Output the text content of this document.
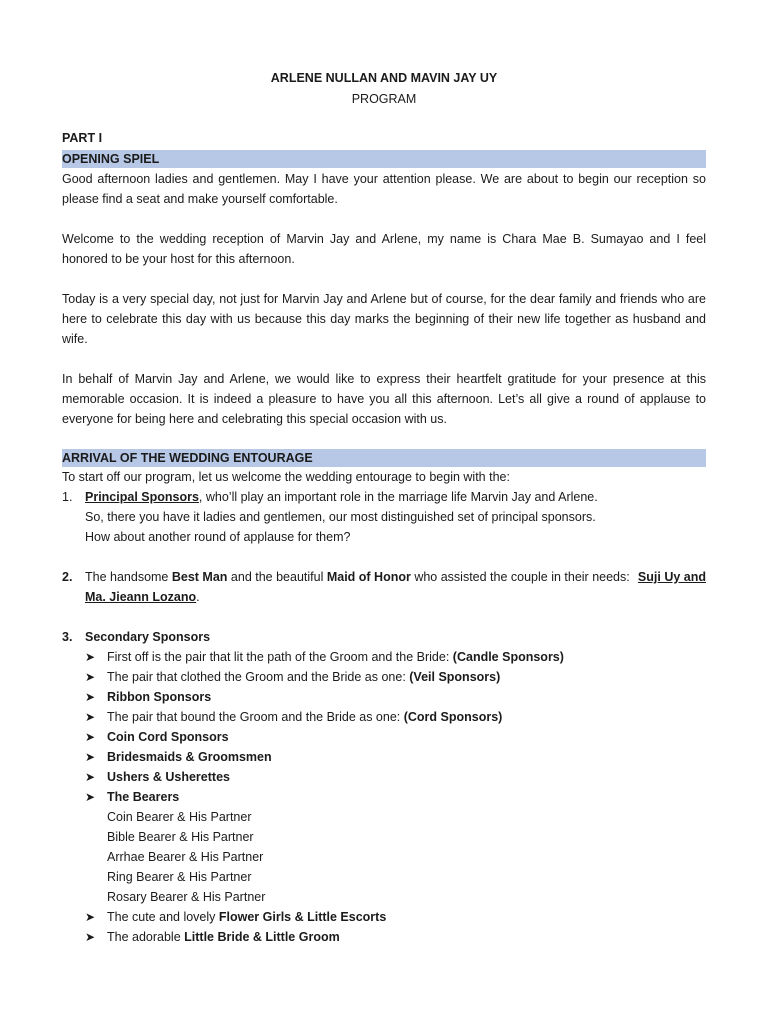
ARLENE NULLAN AND MAVIN JAY UY
PROGRAM
PART I
OPENING SPIEL
Good afternoon ladies and gentlemen. May I have your attention please. We are about to begin our reception so please find a seat and make yourself comfortable.
Welcome to the wedding reception of Marvin Jay and Arlene, my name is Chara Mae B. Sumayao and I feel honored to be your host for this afternoon.
Today is a very special day, not just for Marvin Jay and Arlene but of course, for the dear family and friends who are here to celebrate this day with us because this day marks the beginning of their new life together as husband and wife.
In behalf of Marvin Jay and Arlene, we would like to express their heartfelt gratitude for your presence at this memorable occasion. It is indeed a pleasure to have you all this afternoon. Let’s all give a round of applause to everyone for being here and celebrating this special occasion with us.
ARRIVAL OF THE WEDDING ENTOURAGE
To start off our program, let us welcome the wedding entourage to begin with the:
1. Principal Sponsors, who’ll play an important role in the marriage life Marvin Jay and Arlene.
So, there you have it ladies and gentlemen, our most distinguished set of principal sponsors.
How about another round of applause for them?
2. The handsome Best Man and the beautiful Maid of Honor who assisted the couple in their needs: Suji Uy and
Ma. Jieann Lozano.
3. Secondary Sponsors
➤ First off is the pair that lit the path of the Groom and the Bride: (Candle Sponsors)
➤ The pair that clothed the Groom and the Bride as one: (Veil Sponsors)
➤ Ribbon Sponsors
➤ The pair that bound the Groom and the Bride as one: (Cord Sponsors)
➤ Coin Cord Sponsors
➤ Bridesmaids & Groomsmen
➤ Ushers & Usherettes
➤ The Bearers
Coin Bearer & His Partner
Bible Bearer & His Partner
Arrhae Bearer & His Partner
Ring Bearer & His Partner
Rosary Bearer & His Partner
➤ The cute and lovely Flower Girls & Little Escorts
➤ The adorable Little Bride & Little Groom
